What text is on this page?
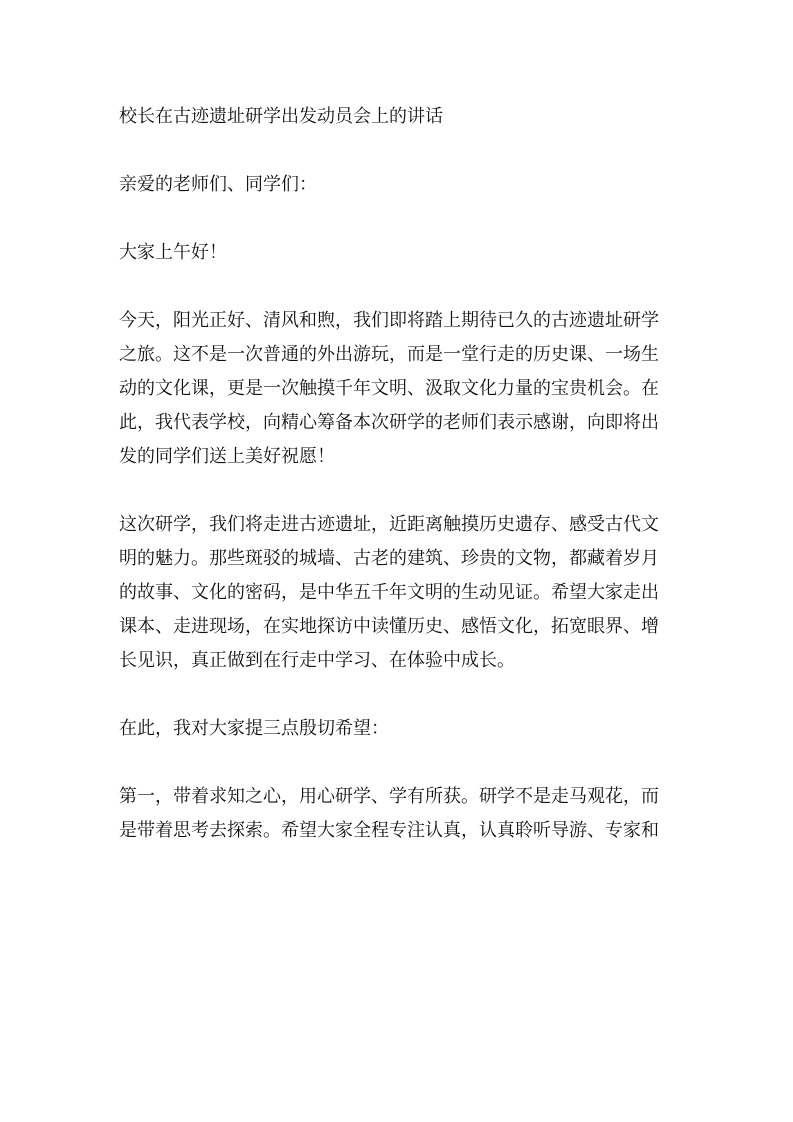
校长在古迹遗址研学出发动员会上的讲话
亲爱的老师们、同学们：
大家上午好！
今天，阳光正好、清风和煦，我们即将踏上期待已久的古迹遗址研学
之旅。这不是一次普通的外出游玩，而是一堂行走的历史课、一场生
动的文化课，更是一次触摸千年文明、汲取文化力量的宝贵机会。在
此，我代表学校，向精心筹备本次研学的老师们表示感谢，向即将出
发的同学们送上美好祝愿！
这次研学，我们将走进古迹遗址，近距离触摸历史遗存、感受古代文
明的魅力。那些斑驳的城墙、古老的建筑、珍贵的文物，都藏着岁月
的故事、文化的密码，是中华五千年文明的生动见证。希望大家走出
课本、走进现场，在实地探访中读懂历史、感悟文化，拓宽眼界、增
长见识，真正做到在行走中学习、在体验中成长。
在此，我对大家提三点殷切希望：
第一，带着求知之心，用心研学、学有所获。研学不是走马观花，而
是带着思考去探索。希望大家全程专注认真，认真聆听导游、专家和
